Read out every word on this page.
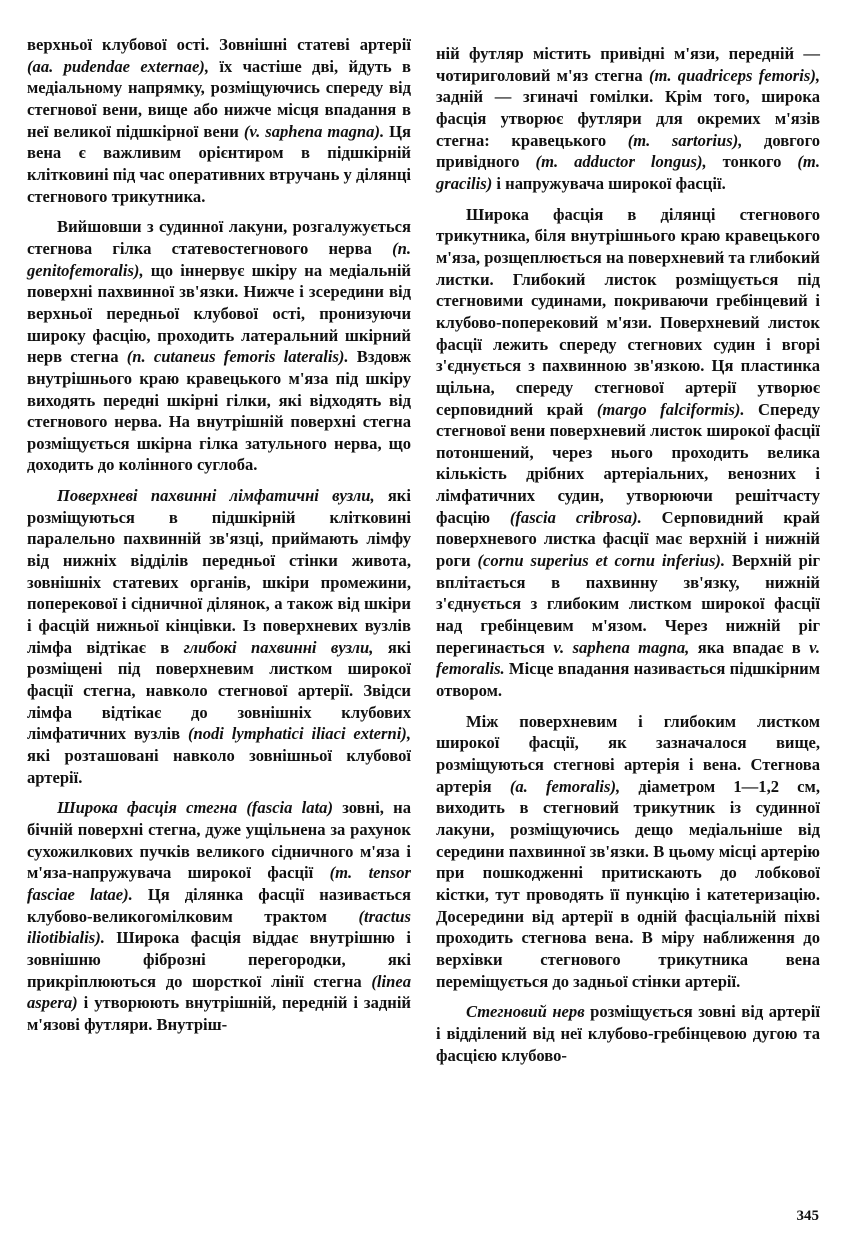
верхньої клубової ості. Зовнішні статеві артерії (аа. pudendae externae), їх частіше дві, йдуть в медіальному напрямку, розміщуючись спереду від стегнової вени, вище або нижче місця впадання в неї великої підшкірної вени (v. saphena magna). Ця вена є важливим орієнтиром в підшкірній клітковині під час оперативних втручань у ділянці стегнового трикутника.

Вийшовши з судинної лакуни, розгалужується стегнова гілка статевостегнового нерва (n. genitofemoralis), що іннервує шкіру на медіальній поверхні пахвинної зв'язки. Нижче і зсередини від верхньої передньої клубової ості, пронизуючи широку фасцію, проходить латеральний шкірний нерв стегна (n. cutaneus femoris lateralis). Вздовж внутрішнього краю кравецького м'яза під шкіру виходять передні шкірні гілки, які відходять від стегнового нерва. На внутрішній поверхні стегна розміщується шкірна гілка затульного нерва, що доходить до колінного суглоба.

Поверхневі пахвинні лімфатичні вузли, які розміщуються в підшкірній клітковині паралельно пахвинній зв'язці, приймають лімфу від нижніх відділів передньої стінки живота, зовнішніх статевих органів, шкіри промежини, поперекової і сідничної ділянок, а також від шкіри і фасцій нижньої кінцівки. Із поверхневих вузлів лімфа відтікає в глибокі пахвинні вузли, які розміщені під поверхневим листком широкої фасції стегна, навколо стегнової артерії. Звідси лімфа відтікає до зовнішніх клубових лімфатичних вузлів (nodi lymphatici iliaci externi), які розташовані навколо зовнішньої клубової артерії.

Широка фасція стегна (fascia lata) зовні, на бічній поверхні стегна, дуже ущільнена за рахунок сухожилкових пучків великого сідничного м'яза і м'яза-напружувача широкої фасції (m. tensor fasciae latae). Ця ділянка фасції називається клубово-великогомілковим трактом (tractus iliotibialis). Широка фасція віддає внутрішню і зовнішню фіброзні перегородки, які прикріплюються до шорсткої лінії стегна (linea aspera) і утворюють внутрішній, передній і задній м'язові футляри. Внутріш-

ній футляр містить привідні м'язи, передній — чотириголовий м'яз стегна (m. quadriceps femoris), задній — згиначі гомілки. Крім того, широка фасція утворює футляри для окремих м'язів стегна: кравецького (m. sartorius), довгого привідного (m. adductor longus), тонкого (m. gracilis) і напружувача широкої фасції.

Широка фасція в ділянці стегнового трикутника, біля внутрішнього краю кравецького м'яза, розщеплюється на поверхневий та глибокий листки. Глибокий листок розміщується під стегновими судинами, покриваючи гребінцевий і клубово-поперековий м'язи. Поверхневий листок фасції лежить спереду стегнових судин і вгорі з'єднується з пахвинною зв'язкою. Ця пластинка щільна, спереду стегнової артерії утворює серповидний край (margo falciformis). Спереду стегнової вени поверхневий листок широкої фасції потоншений, через нього проходить велика кількість дрібних артеріальних, венозних і лімфатичних судин, утворюючи решітчасту фасцію (fascia cribrosa). Серповидний край поверхневого листка фасції має верхній і нижній роги (cornu superius et cornu inferius). Верхній ріг вплітається в пахвинну зв'язку, нижній з'єднується з глибоким листком широкої фасції над гребінцевим м'язом. Через нижній ріг перегинається v. saphena magna, яка впадає в v. femoralis. Місце впадання називається підшкірним отвором.

Між поверхневим і глибоким листком широкої фасції, як зазначалося вище, розміщуються стегнові артерія і вена. Стегнова артерія (a. femoralis), діаметром 1—1,2 см, виходить в стегновий трикутник із судинної лакуни, розміщуючись дещо медіальніше від середини пахвинної зв'язки. В цьому місці артерію при пошкодженні притискають до лобкової кістки, тут проводять її пункцію і катетеризацію. Досередини від артерії в одній фасціальній піхві проходить стегнова вена. В міру наближення до верхівки стегнового трикутника вена переміщується до задньої стінки артерії.

Стегновий нерв розміщується зовні від артерії і відділений від неї клубово-гребінцевою дугою та фасцією клубово-

345
